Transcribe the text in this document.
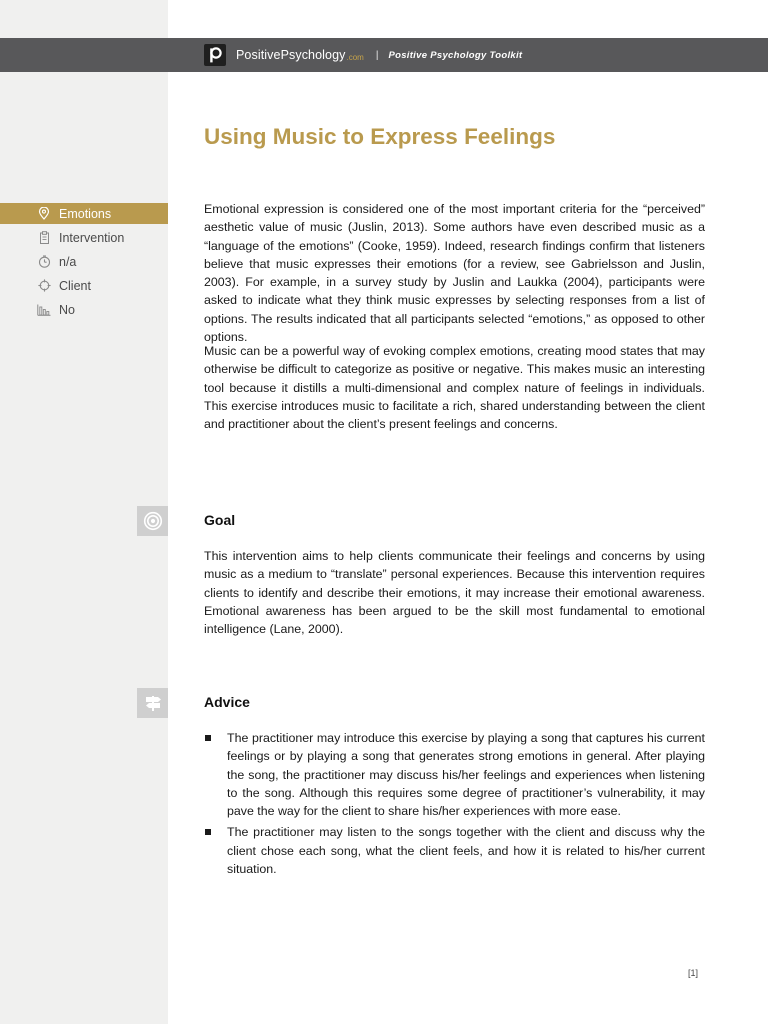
PositivePsychology .com | Positive Psychology Toolkit
Using Music to Express Feelings
Emotions
Intervention
n/a
Client
No

Emotional expression is considered one of the most important criteria for the “perceived” aesthetic value of music (Juslin, 2013). Some authors have even described music as a “language of the emotions” (Cooke, 1959). Indeed, research findings confirm that listeners believe that music expresses their emotions (for a review, see Gabrielsson and Juslin, 2003). For example, in a survey study by Juslin and Laukka (2004), participants were asked to indicate what they think music expresses by selecting responses from a list of options. The results indicated that all participants selected “emotions,” as opposed to other options.

Music can be a powerful way of evoking complex emotions, creating mood states that may otherwise be difficult to categorize as positive or negative. This makes music an interesting tool because it distills a multi-dimensional and complex nature of feelings in individuals. This exercise introduces music to facilitate a rich, shared understanding between the client and practitioner about the client’s present feelings and concerns.

Goal

This intervention aims to help clients communicate their feelings and concerns by using music as a medium to “translate” personal experiences. Because this intervention requires clients to identify and describe their emotions, it may increase their emotional awareness. Emotional awareness has been argued to be the skill most fundamental to emotional intelligence (Lane, 2000).

Advice
The practitioner may introduce this exercise by playing a song that captures his current feelings or by playing a song that generates strong emotions in general. After playing the song, the practitioner may discuss his/her feelings and experiences when listening to the song. Although this requires some degree of practitioner’s vulnerability, it may pave the way for the client to share his/her experiences with more ease.
The practitioner may listen to the songs together with the client and discuss why the client chose each song, what the client feels, and how it is related to his/her current situation.
[1]
